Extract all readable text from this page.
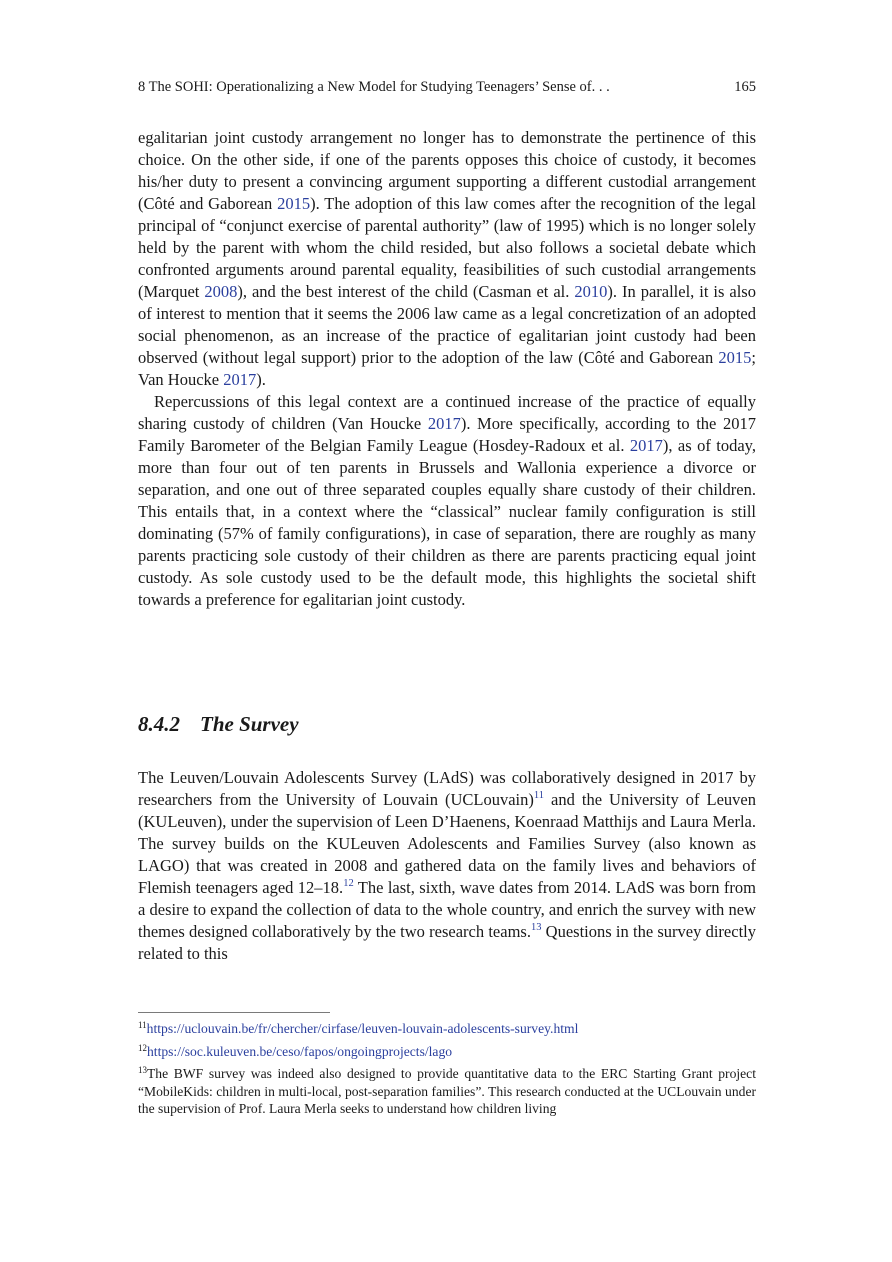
8 The SOHI: Operationalizing a New Model for Studying Teenagers’ Sense of. . .	165

egalitarian joint custody arrangement no longer has to demonstrate the pertinence of this choice. On the other side, if one of the parents opposes this choice of custody, it becomes his/her duty to present a convincing argument supporting a different custodial arrangement (Côté and Gaborean 2015). The adoption of this law comes after the recognition of the legal principal of “conjunct exercise of parental authority” (law of 1995) which is no longer solely held by the parent with whom the child resided, but also follows a societal debate which confronted arguments around parental equality, feasibilities of such custodial arrangements (Marquet 2008), and the best interest of the child (Casman et al. 2010). In parallel, it is also of interest to mention that it seems the 2006 law came as a legal concretization of an adopted social phenomenon, as an increase of the practice of egalitarian joint custody had been observed (without legal support) prior to the adoption of the law (Côté and Gaborean 2015; Van Houcke 2017).

Repercussions of this legal context are a continued increase of the practice of equally sharing custody of children (Van Houcke 2017). More specifically, according to the 2017 Family Barometer of the Belgian Family League (Hosdey-Radoux et al. 2017), as of today, more than four out of ten parents in Brussels and Wallonia experience a divorce or separation, and one out of three separated couples equally share custody of their children. This entails that, in a context where the “classical” nuclear family configuration is still dominating (57% of family configurations), in case of separation, there are roughly as many parents practicing sole custody of their children as there are parents practicing equal joint custody. As sole custody used to be the default mode, this highlights the societal shift towards a preference for egalitarian joint custody.

8.4.2 The Survey

The Leuven/Louvain Adolescents Survey (LAdS) was collaboratively designed in 2017 by researchers from the University of Louvain (UCLouvain)$^{11}$ and the University of Leuven (KULeuven), under the supervision of Leen D’Haenens, Koenraad Matthijs and Laura Merla. The survey builds on the KULeuven Adolescents and Families Survey (also known as LAGO) that was created in 2008 and gathered data on the family lives and behaviors of Flemish teenagers aged 12–18.12 The last, sixth, wave dates from 2014. LAdS was born from a desire to expand the collection of data to the whole country, and enrich the survey with new themes designed collaboratively by the two research teams.$^{13}$ Questions in the survey directly related to this

$^{11}$https://uclouvain.be/fr/chercher/cirfase/leuven-louvain-adolescents-survey.html

$^{12}$https://soc.kuleuven.be/ceso/fapos/ongoingprojects/lago

$^{13}$The BWF survey was indeed also designed to provide quantitative data to the ERC Starting Grant project “MobileKids: children in multi-local, post-separation families”. This research conducted at the UCLouvain under the supervision of Prof. Laura Merla seeks to understand how children living
